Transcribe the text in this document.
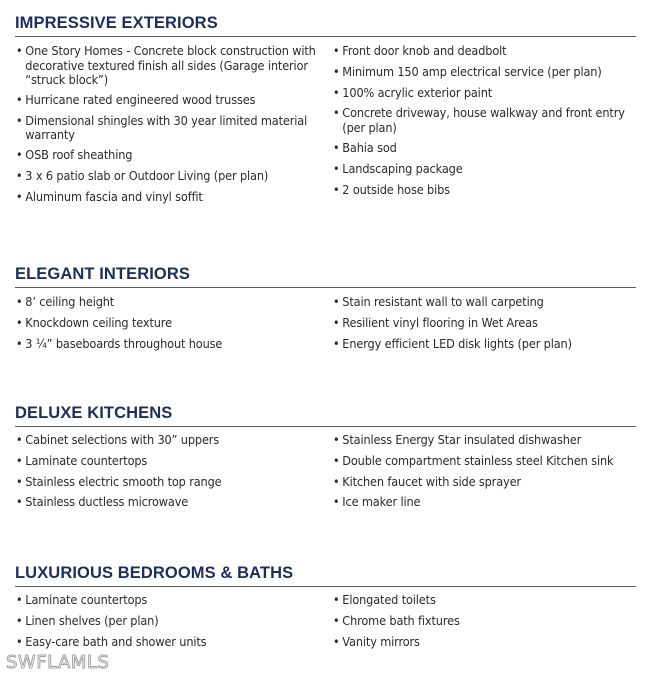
IMPRESSIVE EXTERIORS
• One Story Homes - Concrete block construction with decorative textured finish all sides (Garage interior “struck block”)
• Hurricane rated engineered wood trusses
• Dimensional shingles with 30 year limited material warranty
• OSB roof sheathing
• 3 x 6 patio slab or Outdoor Living (per plan)
• Aluminum fascia and vinyl soffit
• Front door knob and deadbolt
• Minimum 150 amp electrical service (per plan)
• 100% acrylic exterior paint
• Concrete driveway, house walkway and front entry (per plan)
• Bahia sod
• Landscaping package
• 2 outside hose bibs
ELEGANT INTERIORS
• 8’ ceiling height
• Knockdown ceiling texture
• 3 ¼” baseboards throughout house
• Stain resistant wall to wall carpeting
• Resilient vinyl flooring in Wet Areas
• Energy efficient LED disk lights (per plan)
DELUXE KITCHENS
• Cabinet selections with 30” uppers
• Laminate countertops
• Stainless electric smooth top range
• Stainless ductless microwave
• Stainless Energy Star insulated dishwasher
• Double compartment stainless steel Kitchen sink
• Kitchen faucet with side sprayer
• Ice maker line
LUXURIOUS BEDROOMS & BATHS
• Laminate countertops
• Linen shelves (per plan)
• Easy-care bath and shower units
• Elongated toilets
• Chrome bath fixtures
• Vanity mirrors
SWFLAMLS
